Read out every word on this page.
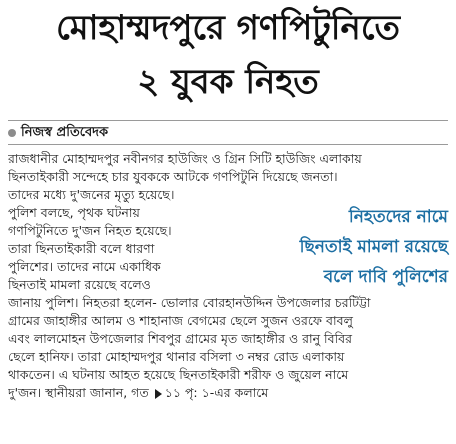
মোহাম্মদপুরে গণপিটুনিতে
২ যুবক নিহত
নিজস্ব প্রতিবেদক
রাজধানীর মোহাম্মদপুর নবীনগর হাউজিং ও গ্রিন সিটি হাউজিং এলাকায়
ছিনতাইকারী সন্দেহে চার যুবককে আটকে গণপিটুনি দিয়েছে জনতা।
তাদের মধ্যে দু'জনের মৃত্যু হয়েছে।
পুলিশ বলছে, পৃথক ঘটনায়
গণপিটুনিতে দু'জন নিহত হয়েছে।
তারা ছিনতাইকারী বলে ধারণা
পুলিশের। তাদের নামে একাধিক
ছিনতাই মামলা রয়েছে বলেও
জানায় পুলিশ। নিহতরা হলেন- ভোলার বোরহানউদ্দিন উপজেলার চরটিট্টা
গ্রামের জাহাঙ্গীর আলম ও শাহানাজ বেগমের ছেলে সুজন ওরফে বাবলু
এবং লালমোহন উপজেলার শিবপুর গ্রামের মৃত জাহাঙ্গীর ও রানু বিবির
ছেলে হানিফ। তারা মোহাম্মদপুর থানার বসিলা ৩ নম্বর রোড এলাকায়
থাকতেন। এ ঘটনায় আহত হয়েছে ছিনতাইকারী শরীফ ও জুয়েল নামে
দু'জন। স্থানীয়রা জানান, গত ১১ পৃ: ১-এর কলামে
নিহতদের নামে
ছিনতাই মামলা রয়েছে
বলে দাবি পুলিশের
